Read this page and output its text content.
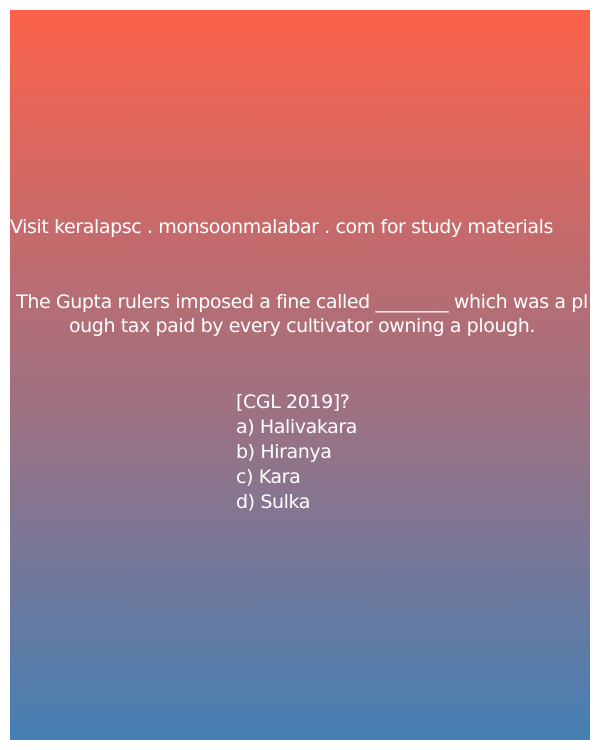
Visit keralapsc . monsoonmalabar . com for study materials
The Gupta rulers imposed a fine called ________ which was a plough tax paid by every cultivator owning a plough.
[CGL 2019]?
a) Halivakara
b) Hiranya
c) Kara
d) Sulka
